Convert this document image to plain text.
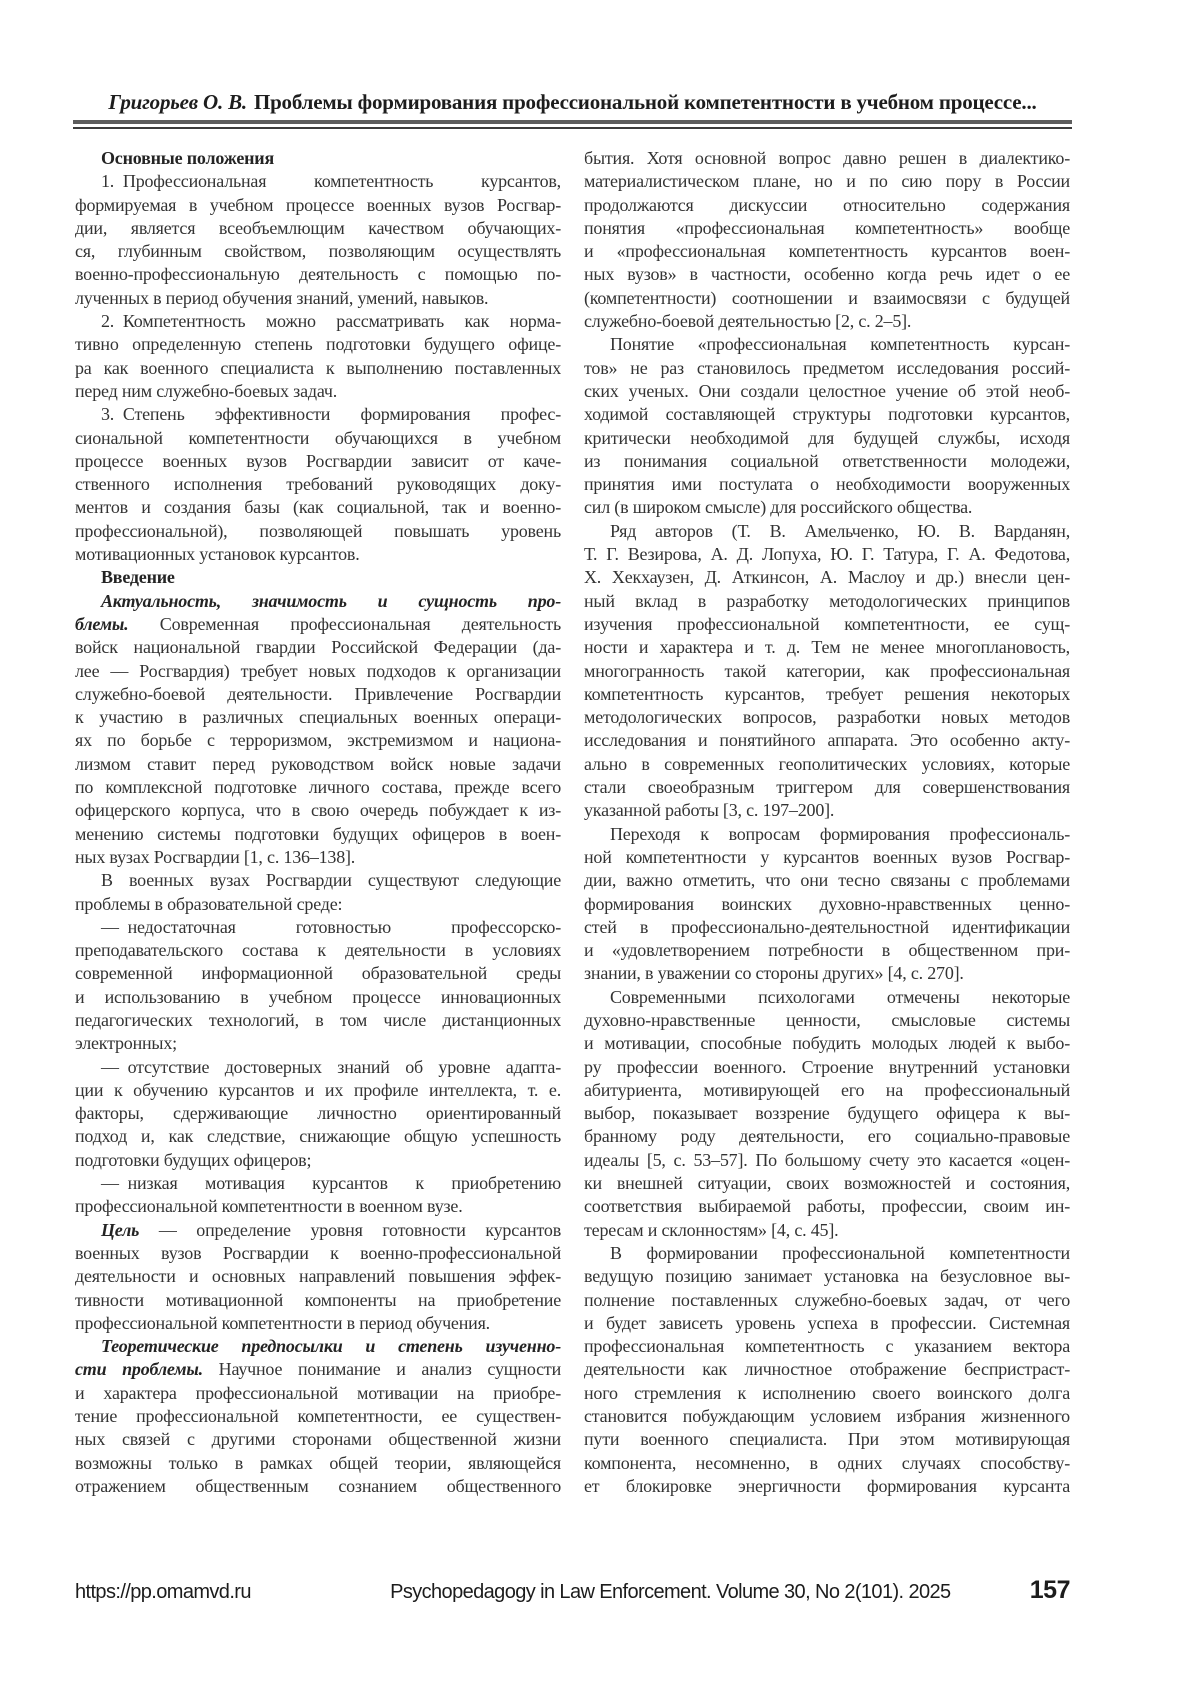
Григорьев О. В. Проблемы формирования профессиональной компетентности в учебном процессе...
Основные положения
1. Профессиональная компетентность курсантов,
формируемая в учебном процессе военных вузов Росгвар-
дии, является всеобъемлющим качеством обучающих-
ся, глубинным свойством, позволяющим осуществлять
военно-профессиональную деятельность с помощью по-
лученных в период обучения знаний, умений, навыков.
2. Компетентность можно рассматривать как норма-
тивно определенную степень подготовки будущего офице-
ра как военного специалиста к выполнению поставленных
перед ним служебно-боевых задач.
3. Степень эффективности формирования профес-
сиональной компетентности обучающихся в учебном
процессе военных вузов Росгвардии зависит от каче-
ственного исполнения требований руководящих доку-
ментов и создания базы (как социальной, так и военно-
профессиональной), позволяющей повышать уровень
мотивационных установок курсантов.
Введение
Актуальность, значимость и сущность про-
блемы. Современная профессиональная деятельность
войск национальной гвардии Российской Федерации (да-
лее — Росгвардия) требует новых подходов к организации
служебно-боевой деятельности. Привлечение Росгвардии
к участию в различных специальных военных операци-
ях по борьбе с терроризмом, экстремизмом и национа-
лизмом ставит перед руководством войск новые задачи
по комплексной подготовке личного состава, прежде всего
офицерского корпуса, что в свою очередь побуждает к из-
менению системы подготовки будущих офицеров в воен-
ных вузах Росгвардии [1, с. 136–138].
В военных вузах Росгвардии существуют следующие
проблемы в образовательной среде:
— недостаточная готовностью профессорско-
преподавательского состава к деятельности в условиях
современной информационной образовательной среды
и использованию в учебном процессе инновационных
педагогических технологий, в том числе дистанционных
электронных;
— отсутствие достоверных знаний об уровне адапта-
ции к обучению курсантов и их профиле интеллекта, т. е.
факторы, сдерживающие личностно ориентированный
подход и, как следствие, снижающие общую успешность
подготовки будущих офицеров;
— низкая мотивация курсантов к приобретению
профессиональной компетентности в военном вузе.
Цель — определение уровня готовности курсантов
военных вузов Росгвардии к военно-профессиональной
деятельности и основных направлений повышения эффек-
тивности мотивационной компоненты на приобретение
профессиональной компетентности в период обучения.
Теоретические предпосылки и степень изученно-
сти проблемы. Научное понимание и анализ сущности
и характера профессиональной мотивации на приобре-
тение профессиональной компетентности, ее существен-
ных связей с другими сторонами общественной жизни
возможны только в рамках общей теории, являющейся
отражением общественным сознанием общественного
бытия. Хотя основной вопрос давно решен в диалектико-
материалистическом плане, но и по сию пору в России
продолжаются дискуссии относительно содержания
понятия «профессиональная компетентность» вообще
и «профессиональная компетентность курсантов воен-
ных вузов» в частности, особенно когда речь идет о ее
(компетентности) соотношении и взаимосвязи с будущей
служебно-боевой деятельностью [2, с. 2–5].
Понятие «профессиональная компетентность курсан-
тов» не раз становилось предметом исследования россий-
ских ученых. Они создали целостное учение об этой необ-
ходимой составляющей структуры подготовки курсантов,
критически необходимой для будущей службы, исходя
из понимания социальной ответственности молодежи,
принятия ими постулата о необходимости вооруженных
сил (в широком смысле) для российского общества.
Ряд авторов (Т. В. Амельченко, Ю. В. Варданян,
Т. Г. Везирова, А. Д. Лопуха, Ю. Г. Татура, Г. А. Федотова,
Х. Хекхаузен, Д. Аткинсон, А. Маслоу и др.) внесли цен-
ный вклад в разработку методологических принципов
изучения профессиональной компетентности, ее сущ-
ности и характера и т. д. Тем не менее многоплановость,
многогранность такой категории, как профессиональная
компетентность курсантов, требует решения некоторых
методологических вопросов, разработки новых методов
исследования и понятийного аппарата. Это особенно акту-
ально в современных геополитических условиях, которые
стали своеобразным триггером для совершенствования
указанной работы [3, с. 197–200].
Переходя к вопросам формирования профессиональ-
ной компетентности у курсантов военных вузов Росгвар-
дии, важно отметить, что они тесно связаны с проблемами
формирования воинских духовно-нравственных ценно-
стей в профессионально-деятельностной идентификации
и «удовлетворением потребности в общественном при-
знании, в уважении со стороны других» [4, с. 270].
Современными психологами отмечены некоторые
духовно-нравственные ценности, смысловые системы
и мотивации, способные побудить молодых людей к выбо-
ру профессии военного. Строение внутренний установки
абитуриента, мотивирующей его на профессиональный
выбор, показывает воззрение будущего офицера к вы-
бранному роду деятельности, его социально-правовые
идеалы [5, с. 53–57]. По большому счету это касается «оцен-
ки внешней ситуации, своих возможностей и состояния,
соответствия выбираемой работы, профессии, своим ин-
тересам и склонностям» [4, с. 45].
В формировании профессиональной компетентности
ведущую позицию занимает установка на безусловное вы-
полнение поставленных служебно-боевых задач, от чего
и будет зависеть уровень успеха в профессии. Системная
профессиональная компетентность с указанием вектора
деятельности как личностное отображение беспристраст-
ного стремления к исполнению своего воинского долга
становится побуждающим условием избрания жизненного
пути военного специалиста. При этом мотивирующая
компонента, несомненно, в одних случаях способству-
ет блокировке энергичности формирования курсанта
https://pp.omamvd.ru	Psychopedagogy in Law Enforcement. Volume 30, No 2(101). 2025	157
